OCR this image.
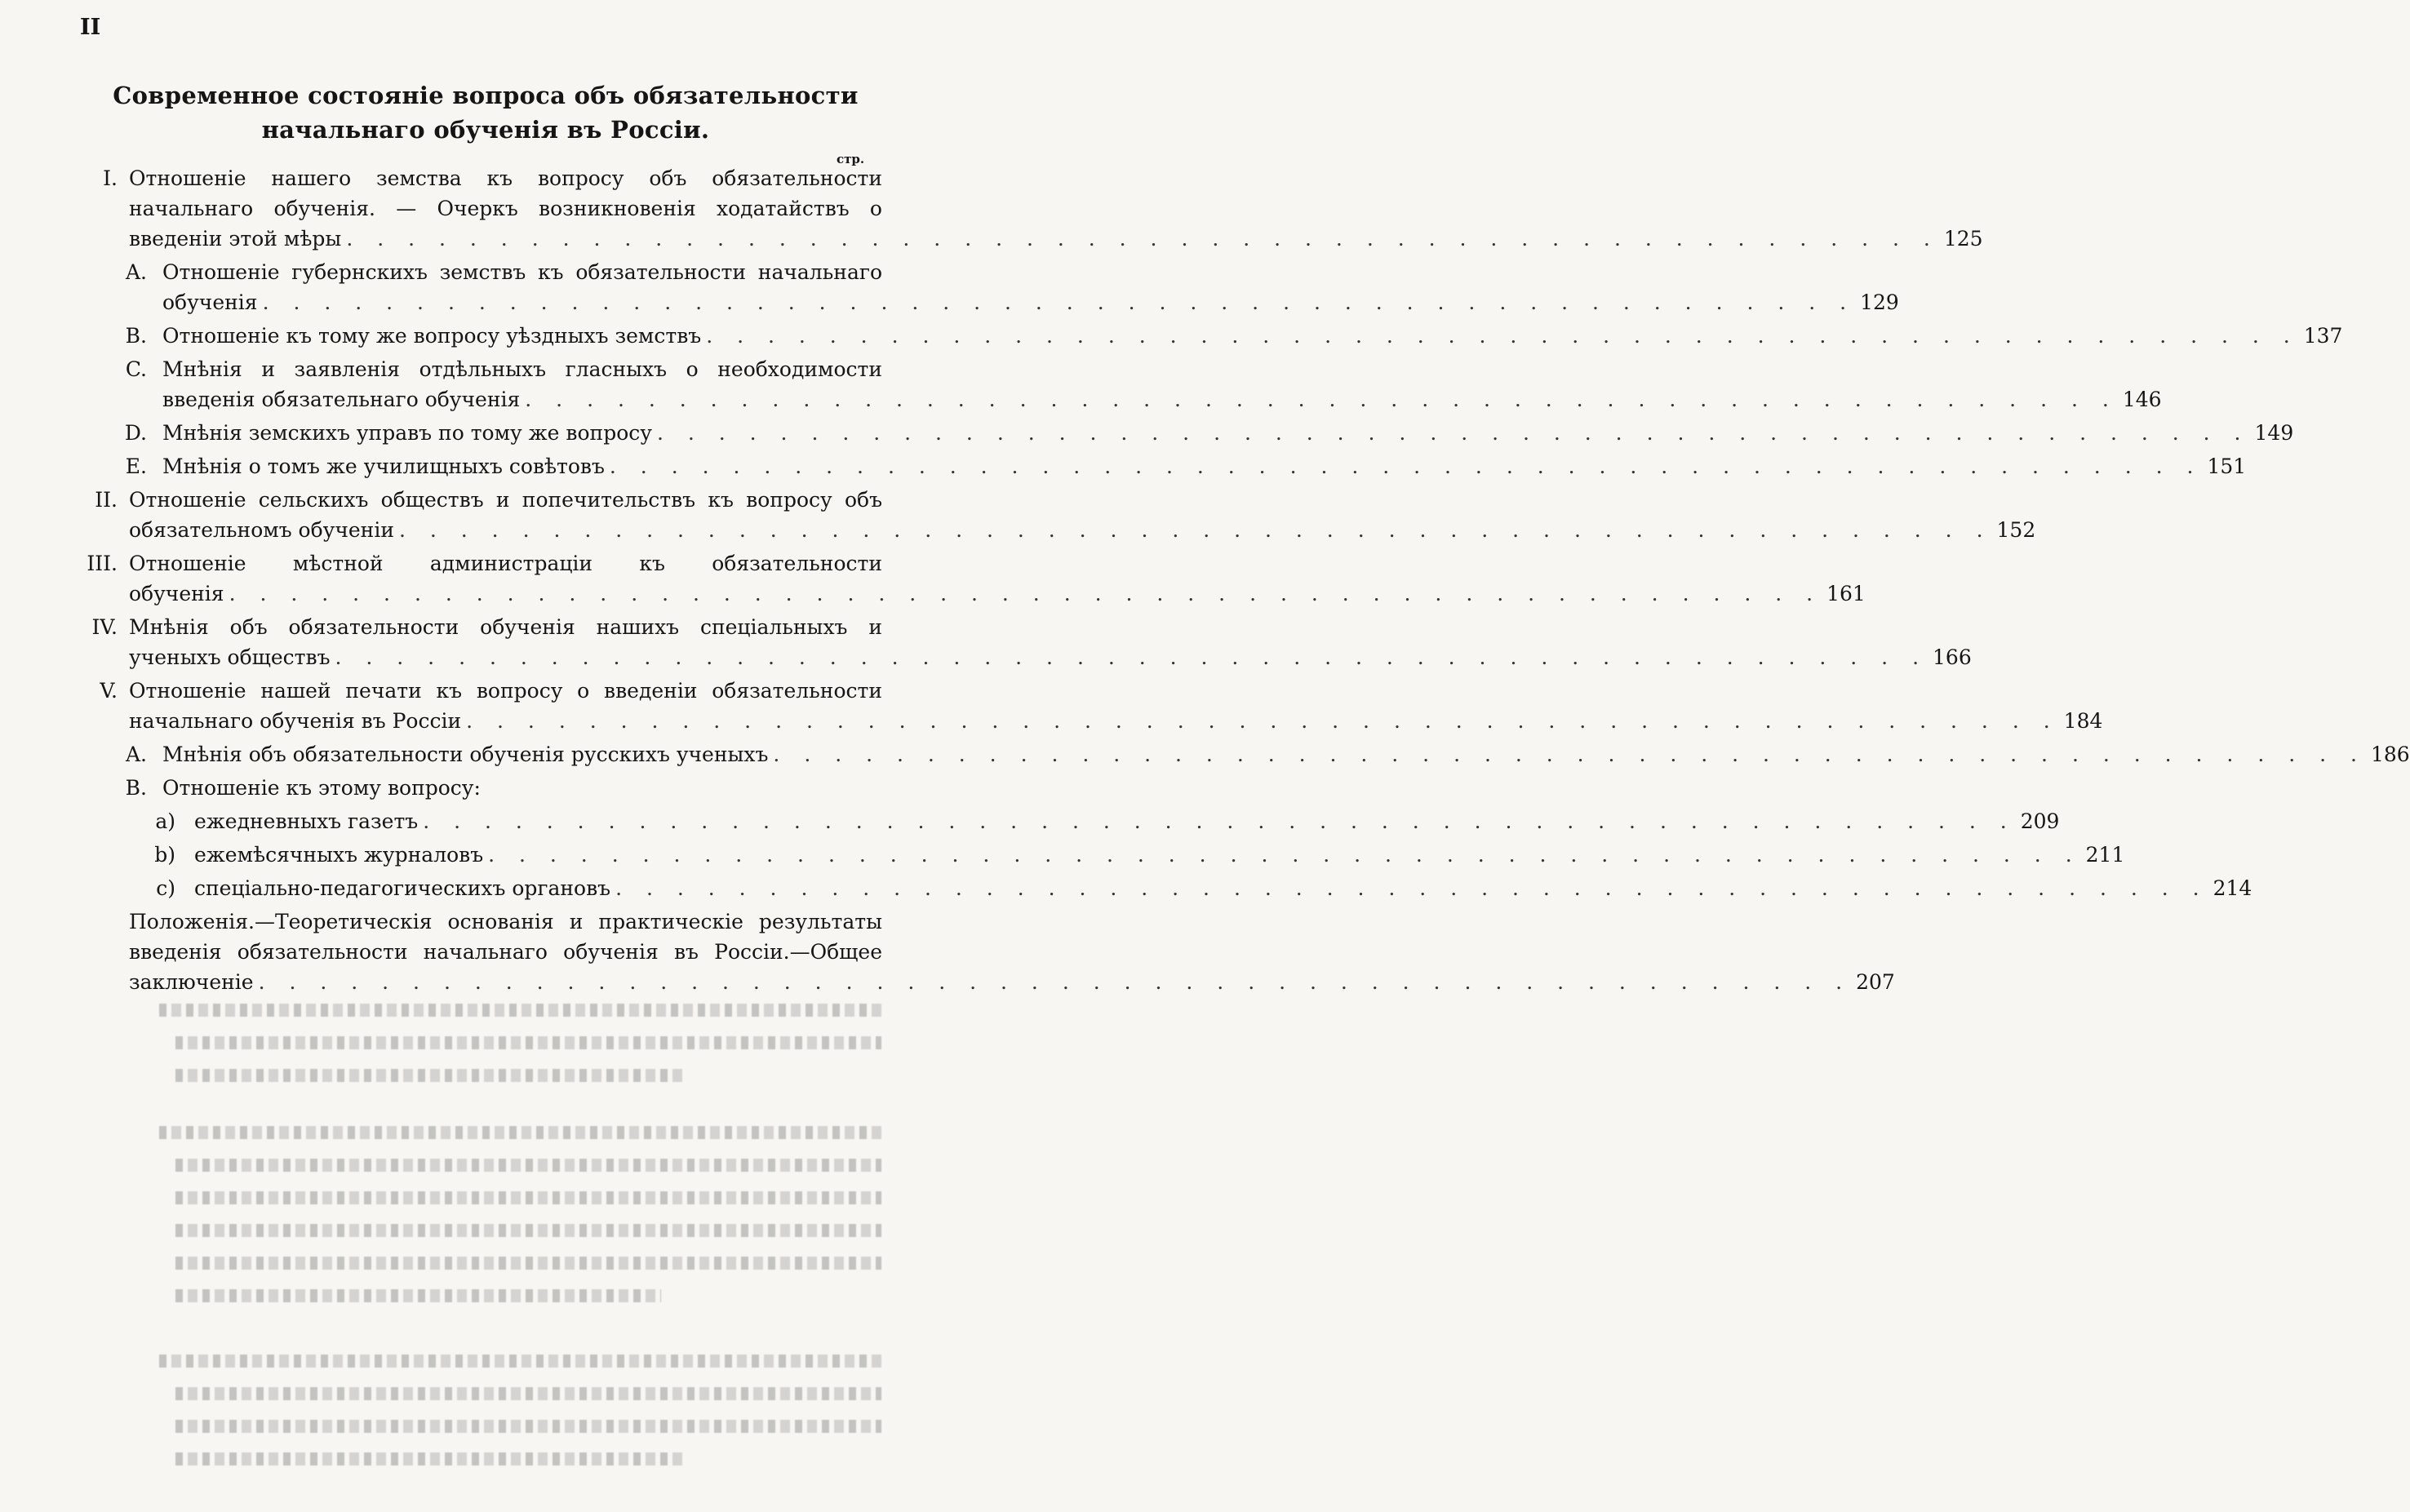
II
Современное состояніе вопроса объ обязательности начальнаго обученія въ Россіи.
стр.
I. Отношеніе нашего земства къ вопросу объ обязательности
начальнаго обученія. — Очеркъ возникновенія ходатайствъ о
введеніи этой мѣры . . . . . . . . . . . . . . . . . . . . . . . . . . . . . . . . . . . . . . . . . . . . . . . . . . . . 125
A. Отношеніе губернскихъ земствъ къ обязательности начальнаго
обученія . . . . . . . . . . . . . . . . . . . . . . . . . . . . . . . . . . . . . . . . . . . . . . . . . . . . 129
B. Отношеніе къ тому же вопросу уѣздныхъ земствъ . . . . . . . . . . . . . . . . . . . . . . . . . . . . . . . . . . . . . . . . . . . . . . . . . . . . 137
C. Мнѣнія и заявленія отдѣльныхъ гласныхъ о необходимости
введенія обязательнаго обученія . . . . . . . . . . . . . . . . . . . . . . . . . . . . . . . . . . . . . . . . . . . . . . . . . . . . 146
D. Мнѣнія земскихъ управъ по тому же вопросу . . . . . . . . . . . . . . . . . . . . . . . . . . . . . . . . . . . . . . . . . . . . . . . . . . . . 149
E. Мнѣнія о томъ же училищныхъ совѣтовъ . . . . . . . . . . . . . . . . . . . . . . . . . . . . . . . . . . . . . . . . . . . . . . . . . . . . 151
II. Отношеніе сельскихъ обществъ и попечительствъ къ вопросу объ
обязательномъ обученіи . . . . . . . . . . . . . . . . . . . . . . . . . . . . . . . . . . . . . . . . . . . . . . . . . . . . 152
III. Отношеніе мѣстной администраціи къ обязательности
обученія . . . . . . . . . . . . . . . . . . . . . . . . . . . . . . . . . . . . . . . . . . . . . . . . . . . . 161
IV. Мнѣнія объ обязательности обученія нашихъ спеціальныхъ и
ученыхъ обществъ . . . . . . . . . . . . . . . . . . . . . . . . . . . . . . . . . . . . . . . . . . . . . . . . . . . . 166
V. Отношеніе нашей печати къ вопросу о введеніи обязательности
начальнаго обученія въ Россіи . . . . . . . . . . . . . . . . . . . . . . . . . . . . . . . . . . . . . . . . . . . . . . . . . . . . 184
A. Мнѣнія объ обязательности обученія русскихъ ученыхъ . . . . . . . . . . . . . . . . . . . . . . . . . . . . . . . . . . . . . . . . . . . . . . . . . . . . 186
B. Отношеніе къ этому вопросу:
a) ежедневныхъ газетъ . . . . . . . . . . . . . . . . . . . . . . . . . . . . . . . . . . . . . . . . . . . . . . . . . . . . 209
b) ежемѣсячныхъ журналовъ . . . . . . . . . . . . . . . . . . . . . . . . . . . . . . . . . . . . . . . . . . . . . . . . . . . . 211
c) спеціально-педагогическихъ органовъ . . . . . . . . . . . . . . . . . . . . . . . . . . . . . . . . . . . . . . . . . . . . . . . . . . . . 214
Положенія.—Теоретическія основанія и практическіе результаты
введенія обязательности начальнаго обученія въ Россіи.—Общее
заключеніе . . . . . . . . . . . . . . . . . . . . . . . . . . . . . . . . . . . . . . . . . . . . . . . . . . . . 207
